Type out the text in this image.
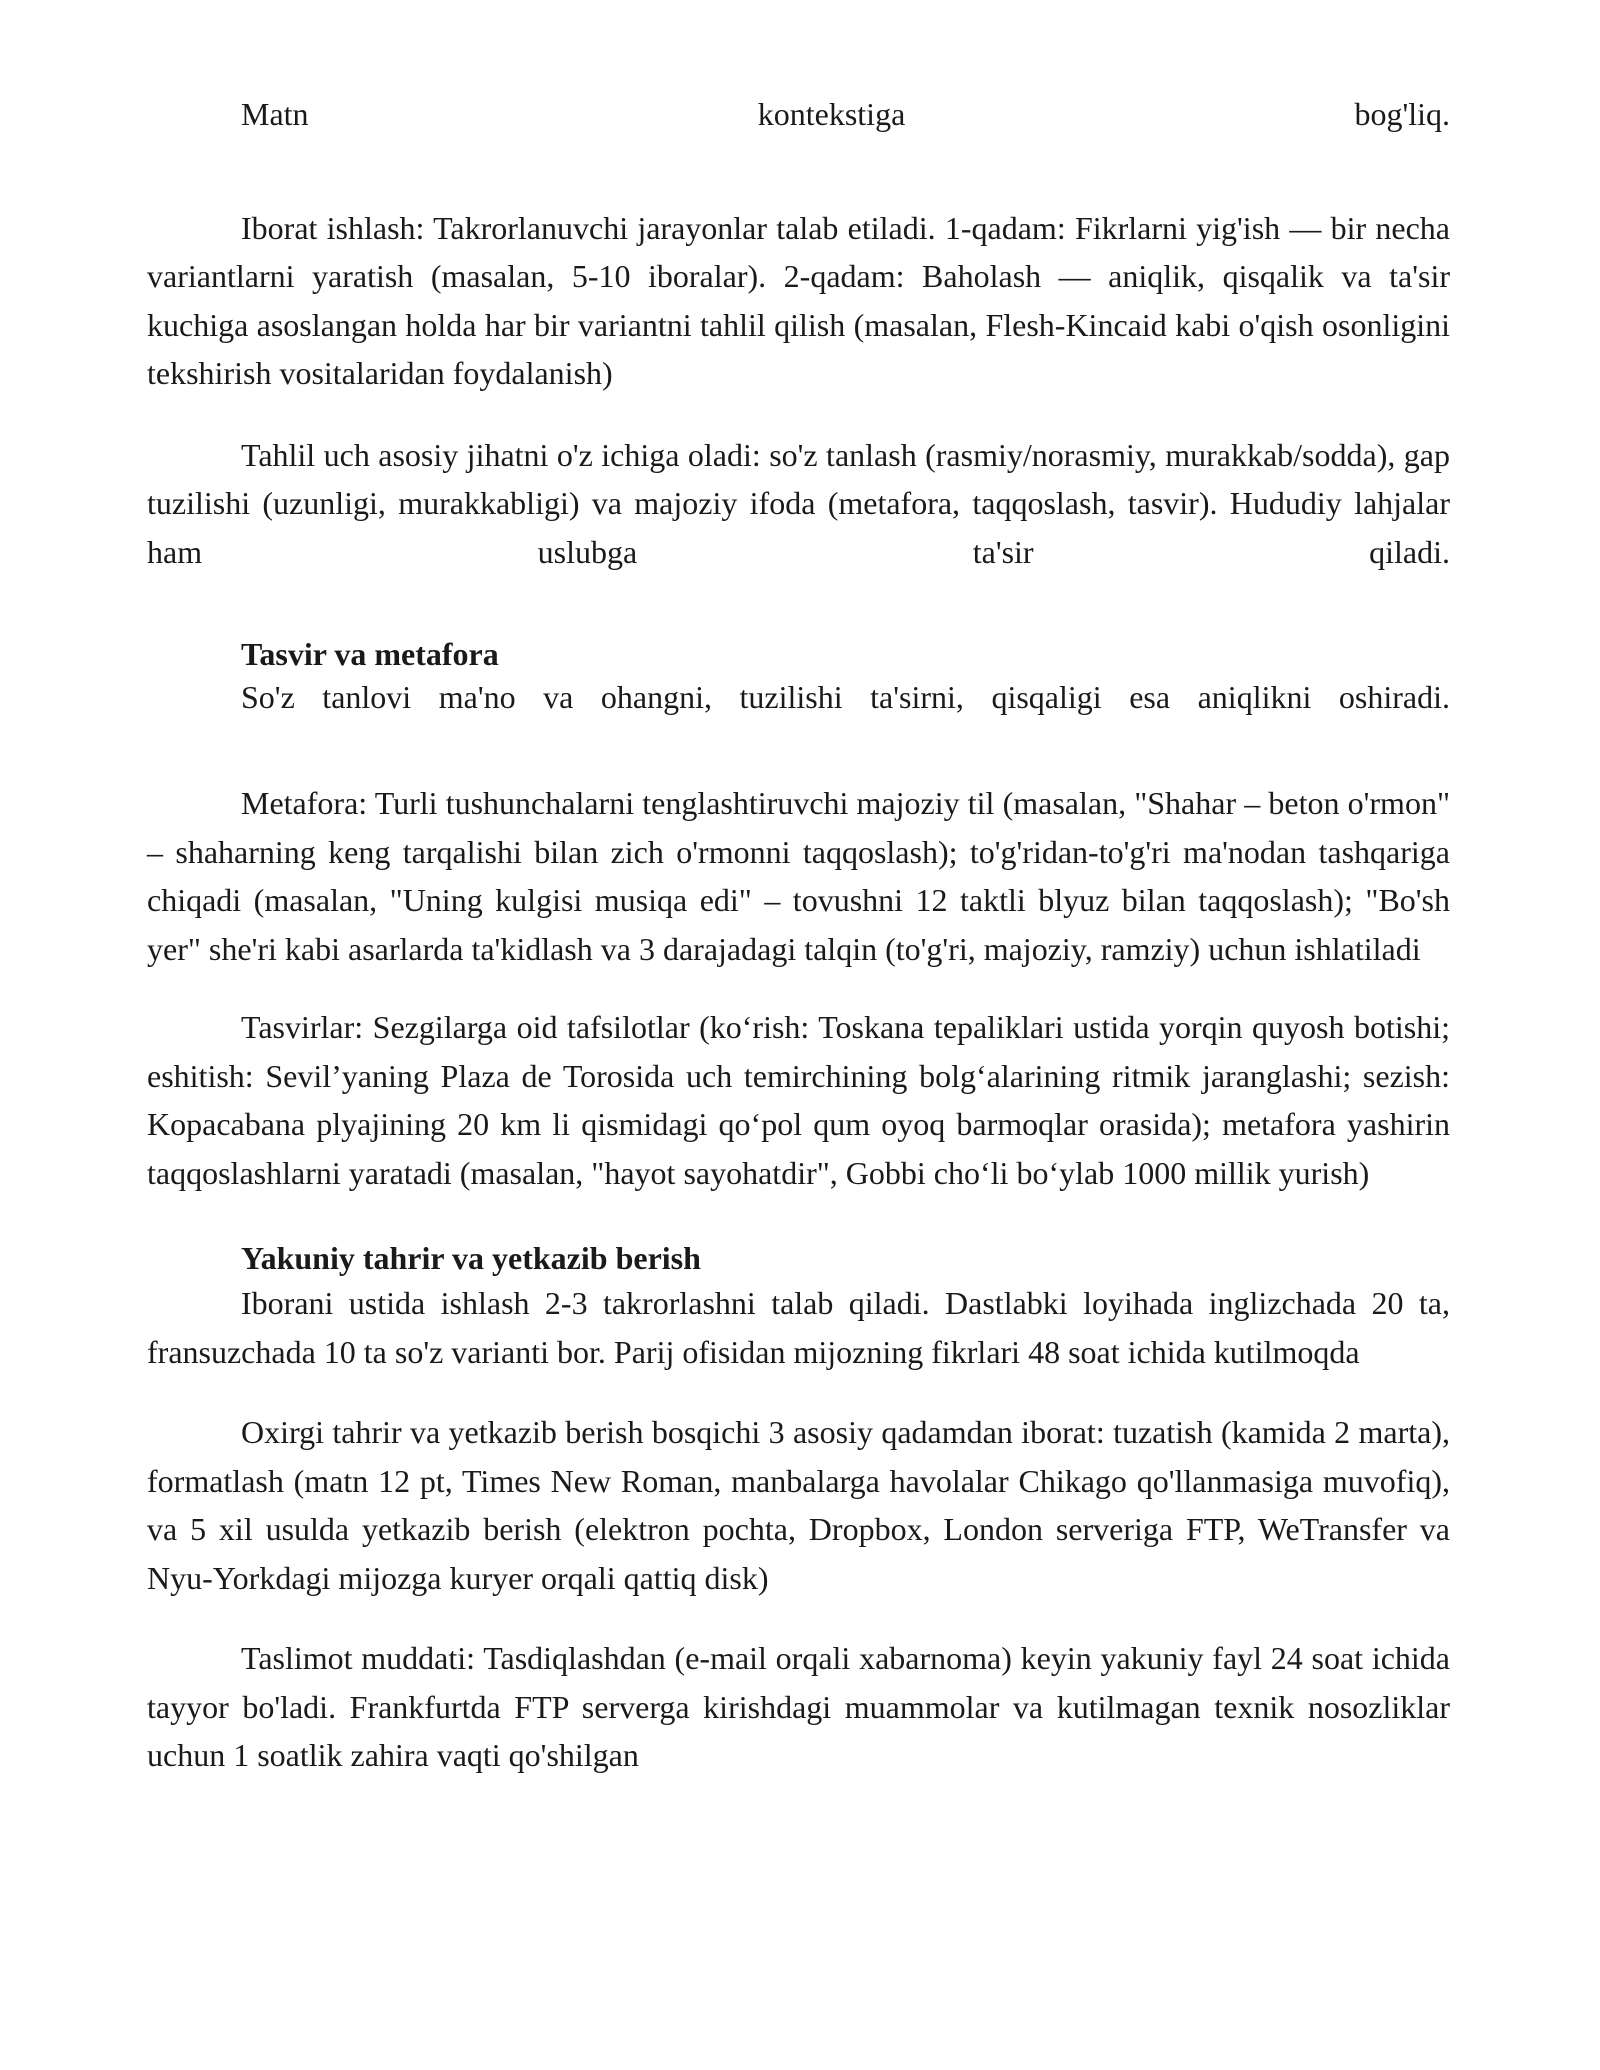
Matn kontekstiga bog'liq.

Iborat ishlash: Takrorlanuvchi jarayonlar talab etiladi. 1-qadam: Fikrlarni yig'ish — bir necha variantlarni yaratish (masalan, 5-10 iboralar). 2-qadam: Baholash — aniqlik, qisqalik va ta'sir kuchiga asoslangan holda har bir variantni tahlil qilish (masalan, Flesh-Kincaid kabi o'qish osonligini tekshirish vositalaridan foydalanish)

Tahlil uch asosiy jihatni o'z ichiga oladi: so'z tanlash (rasmiy/norasmiy, murakkab/sodda), gap tuzilishi (uzunligi, murakkabligi) va majoziy ifoda (metafora, taqqoslash, tasvir). Hududiy lahjalar ham uslubga ta'sir qiladi.

Tasvir va metafora

So'z tanlovi ma'no va ohangni, tuzilishi ta'sirni, qisqaligi esa aniqlikni oshiradi.

Metafora: Turli tushunchalarni tenglashtiruvchi majoziy til (masalan, "Shahar – beton o'rmon" – shaharning keng tarqalishi bilan zich o'rmonni taqqoslash); to'g'ridan-to'g'ri ma'nodan tashqariga chiqadi (masalan, "Uning kulgisi musiqa edi" – tovushni 12 taktli blyuz bilan taqqoslash); "Bo'sh yer" she'ri kabi asarlarda ta'kidlash va 3 darajadagi talqin (to'g'ri, majoziy, ramziy) uchun ishlatiladi

Tasvirlar: Sezgilarga oid tafsilotlar (koʻrish: Toskana tepaliklari ustida yorqin quyosh botishi; eshitish: Sevilʼyaning Plaza de Torosida uch temirchining bolgʻalarining ritmik jaranglashi; sezish: Kopacabana plyajining 20 km li qismidagi qoʻpol qum oyoq barmoqlar orasida); metafora yashirin taqqoslashlarni yaratadi (masalan, "hayot sayohatdir", Gobbi choʻli boʻylab 1000 millik yurish)

Yakuniy tahrir va yetkazib berish

Iborani ustida ishlash 2-3 takrorlashni talab qiladi. Dastlabki loyihada inglizchada 20 ta, fransuzchada 10 ta so'z varianti bor. Parij ofisidan mijozning fikrlari 48 soat ichida kutilmoqda

Oxirgi tahrir va yetkazib berish bosqichi 3 asosiy qadamdan iborat: tuzatish (kamida 2 marta), formatlash (matn 12 pt, Times New Roman, manbalarga havolalar Chikago qo'llanmasiga muvofiq), va 5 xil usulda yetkazib berish (elektron pochta, Dropbox, London serveriga FTP, WeTransfer va Nyu-Yorkdagi mijozga kuryer orqali qattiq disk)

Taslimot muddati: Tasdiqlashdan (e-mail orqali xabarnoma) keyin yakuniy fayl 24 soat ichida tayyor bo'ladi. Frankfurtda FTP serverga kirishdagi muammolar va kutilmagan texnik nosozliklar uchun 1 soatlik zahira vaqti qo'shilgan
